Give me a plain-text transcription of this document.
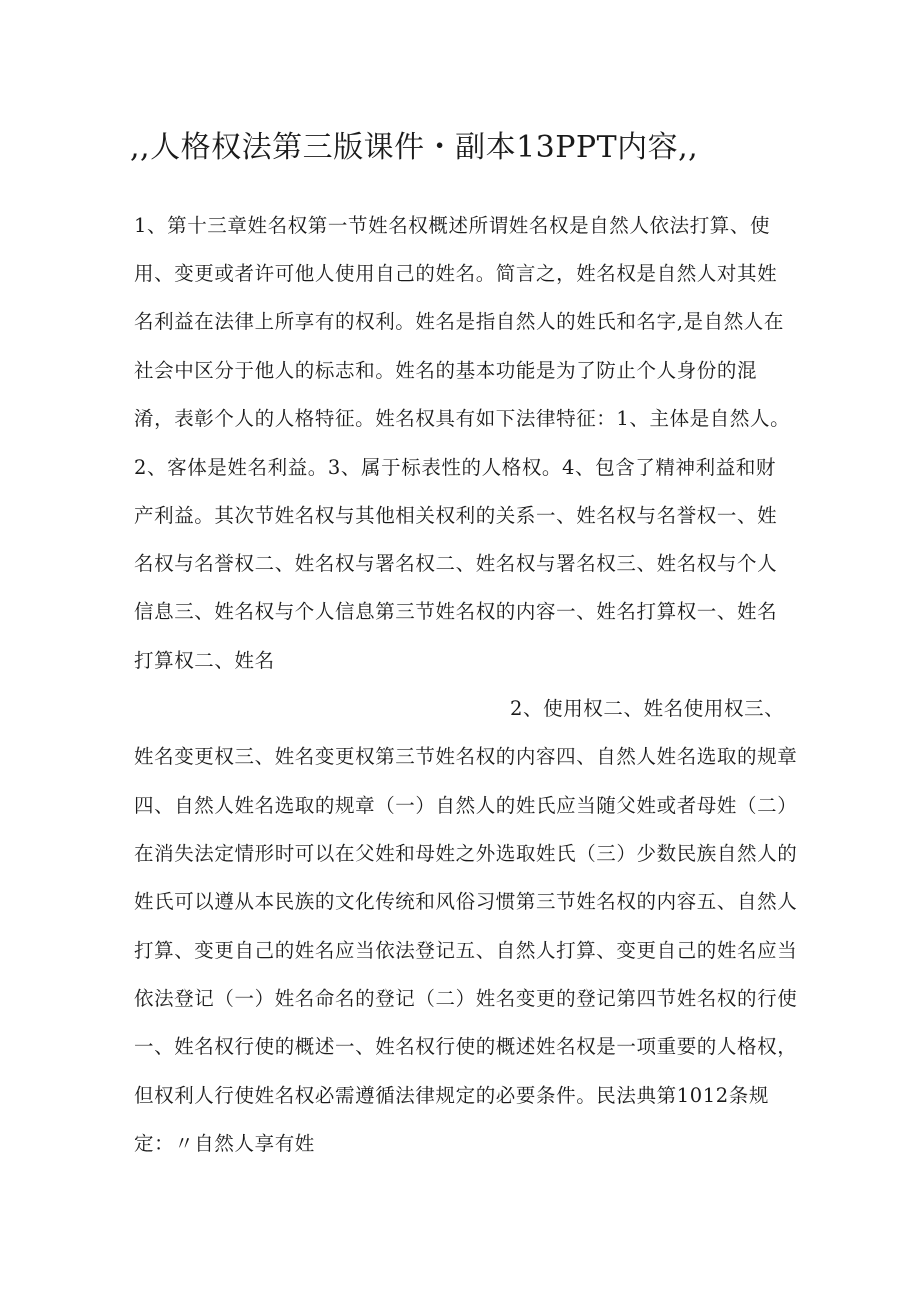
,,人格权法第三版课件・副本13PPT内容,,
1、第十三章姓名权第一节姓名权概述所谓姓名权是自然人依法打算、使
用、变更或者许可他人使用自己的姓名。简言之，姓名权是自然人对其姓
名利益在法律上所享有的权利。姓名是指自然人的姓氏和名字,是自然人在
社会中区分于他人的标志和。姓名的基本功能是为了防止个人身份的混
淆，表彰个人的人格特征。姓名权具有如下法律特征：1、主体是自然人。
2、客体是姓名利益。3、属于标表性的人格权。4、包含了精神利益和财
产利益。其次节姓名权与其他相关权利的关系一、姓名权与名誉权一、姓
名权与名誉权二、姓名权与署名权二、姓名权与署名权三、姓名权与个人
信息三、姓名权与个人信息第三节姓名权的内容一、姓名打算权一、姓名
打算权二、姓名
2、使用权二、姓名使用权三、
姓名变更权三、姓名变更权第三节姓名权的内容四、自然人姓名选取的规章
四、自然人姓名选取的规章（一）自然人的姓氏应当随父姓或者母姓（二）
在消失法定情形时可以在父姓和母姓之外选取姓氏（三）少数民族自然人的
姓氏可以遵从本民族的文化传统和风俗习惯第三节姓名权的内容五、自然人
打算、变更自己的姓名应当依法登记五、自然人打算、变更自己的姓名应当
依法登记（一）姓名命名的登记（二）姓名变更的登记第四节姓名权的行使
一、姓名权行使的概述一、姓名权行使的概述姓名权是一项重要的人格权，
但权利人行使姓名权必需遵循法律规定的必要条件。民法典第1012条规
定：〃自然人享有姓
